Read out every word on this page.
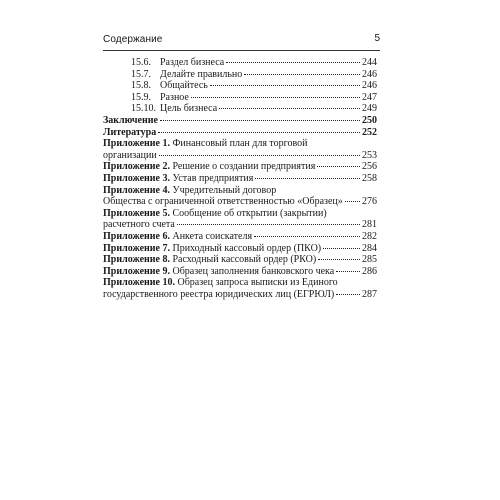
Содержание	5
15.6. Раздел бизнеса	244
15.7. Делайте правильно	246
15.8. Общайтесь	246
15.9. Разное	247
15.10. Цель бизнеса	249
Заключение	250
Литература	252
Приложение 1. Финансовый план для торговой
организации	253
Приложение 2. Решение о создании предприятия	256
Приложение 3. Устав предприятия	258
Приложение 4. Учредительный договор
Общества с ограниченной ответственностью «Образец» 276
Приложение 5. Сообщение об открытии (закрытии)
расчетного счета	281
Приложение 6. Анкета соискателя	282
Приложение 7. Приходный кассовый ордер (ПКО)	284
Приложение 8. Расходный кассовый ордер (РКО)	285
Приложение 9. Образец заполнения банковского чека	286
Приложение 10. Образец запроса выписки из Единого
государственного реестра юридических лиц (ЕГРЮЛ)	287
